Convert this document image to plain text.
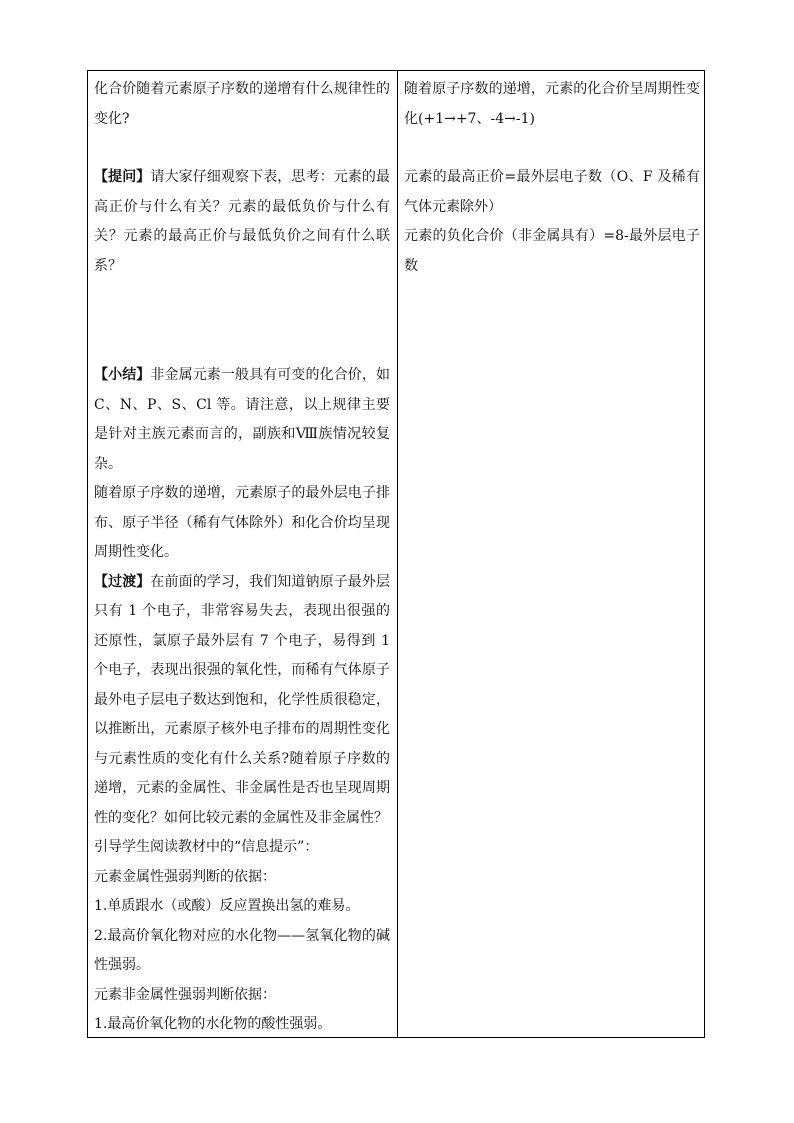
化合价随着元素原子序数的递增有什么规律性的变化?

【提问】请大家仔细观察下表，思考：元素的最高正价与什么有关？元素的最低负价与什么有关？元素的最高正价与最低负价之间有什么联系？

【小结】非金属元素一般具有可变的化合价，如 C、N、P、S、Cl 等。请注意，以上规律主要是针对主族元素而言的，副族和Ⅷ族情况较复杂。

随着原子序数的递增，元素原子的最外层电子排布、原子半径（稀有气体除外）和化合价均呈现周期性变化。

【过渡】在前面的学习，我们知道钠原子最外层只有 1 个电子，非常容易失去，表现出很强的还原性，氯原子最外层有 7 个电子，易得到 1 个电子，表现出很强的氧化性，而稀有气体原子最外电子层电子数达到饱和，化学性质很稳定，以推断出，元素原子核外电子排布的周期性变化与元素性质的变化有什么关系?随着原子序数的递增，元素的金属性、非金属性是否也呈现周期性的变化？如何比较元素的金属性及非金属性？

引导学生阅读教材中的“信息提示”：

元素金属性强弱判断的依据：

1.单质跟水（或酸）反应置换出氢的难易。

2.最高价氧化物对应的水化物——氢氧化物的碱性强弱。

元素非金属性强弱判断依据：

1.最高价氧化物的水化物的酸性强弱。

随着原子序数的递增，元素的化合价呈周期性变化(+1→+7、-4→-1)

元素的最高正价=最外层电子数（O、F 及稀有气体元素除外）

元素的负化合价（非金属具有）=8-最外层电子数
